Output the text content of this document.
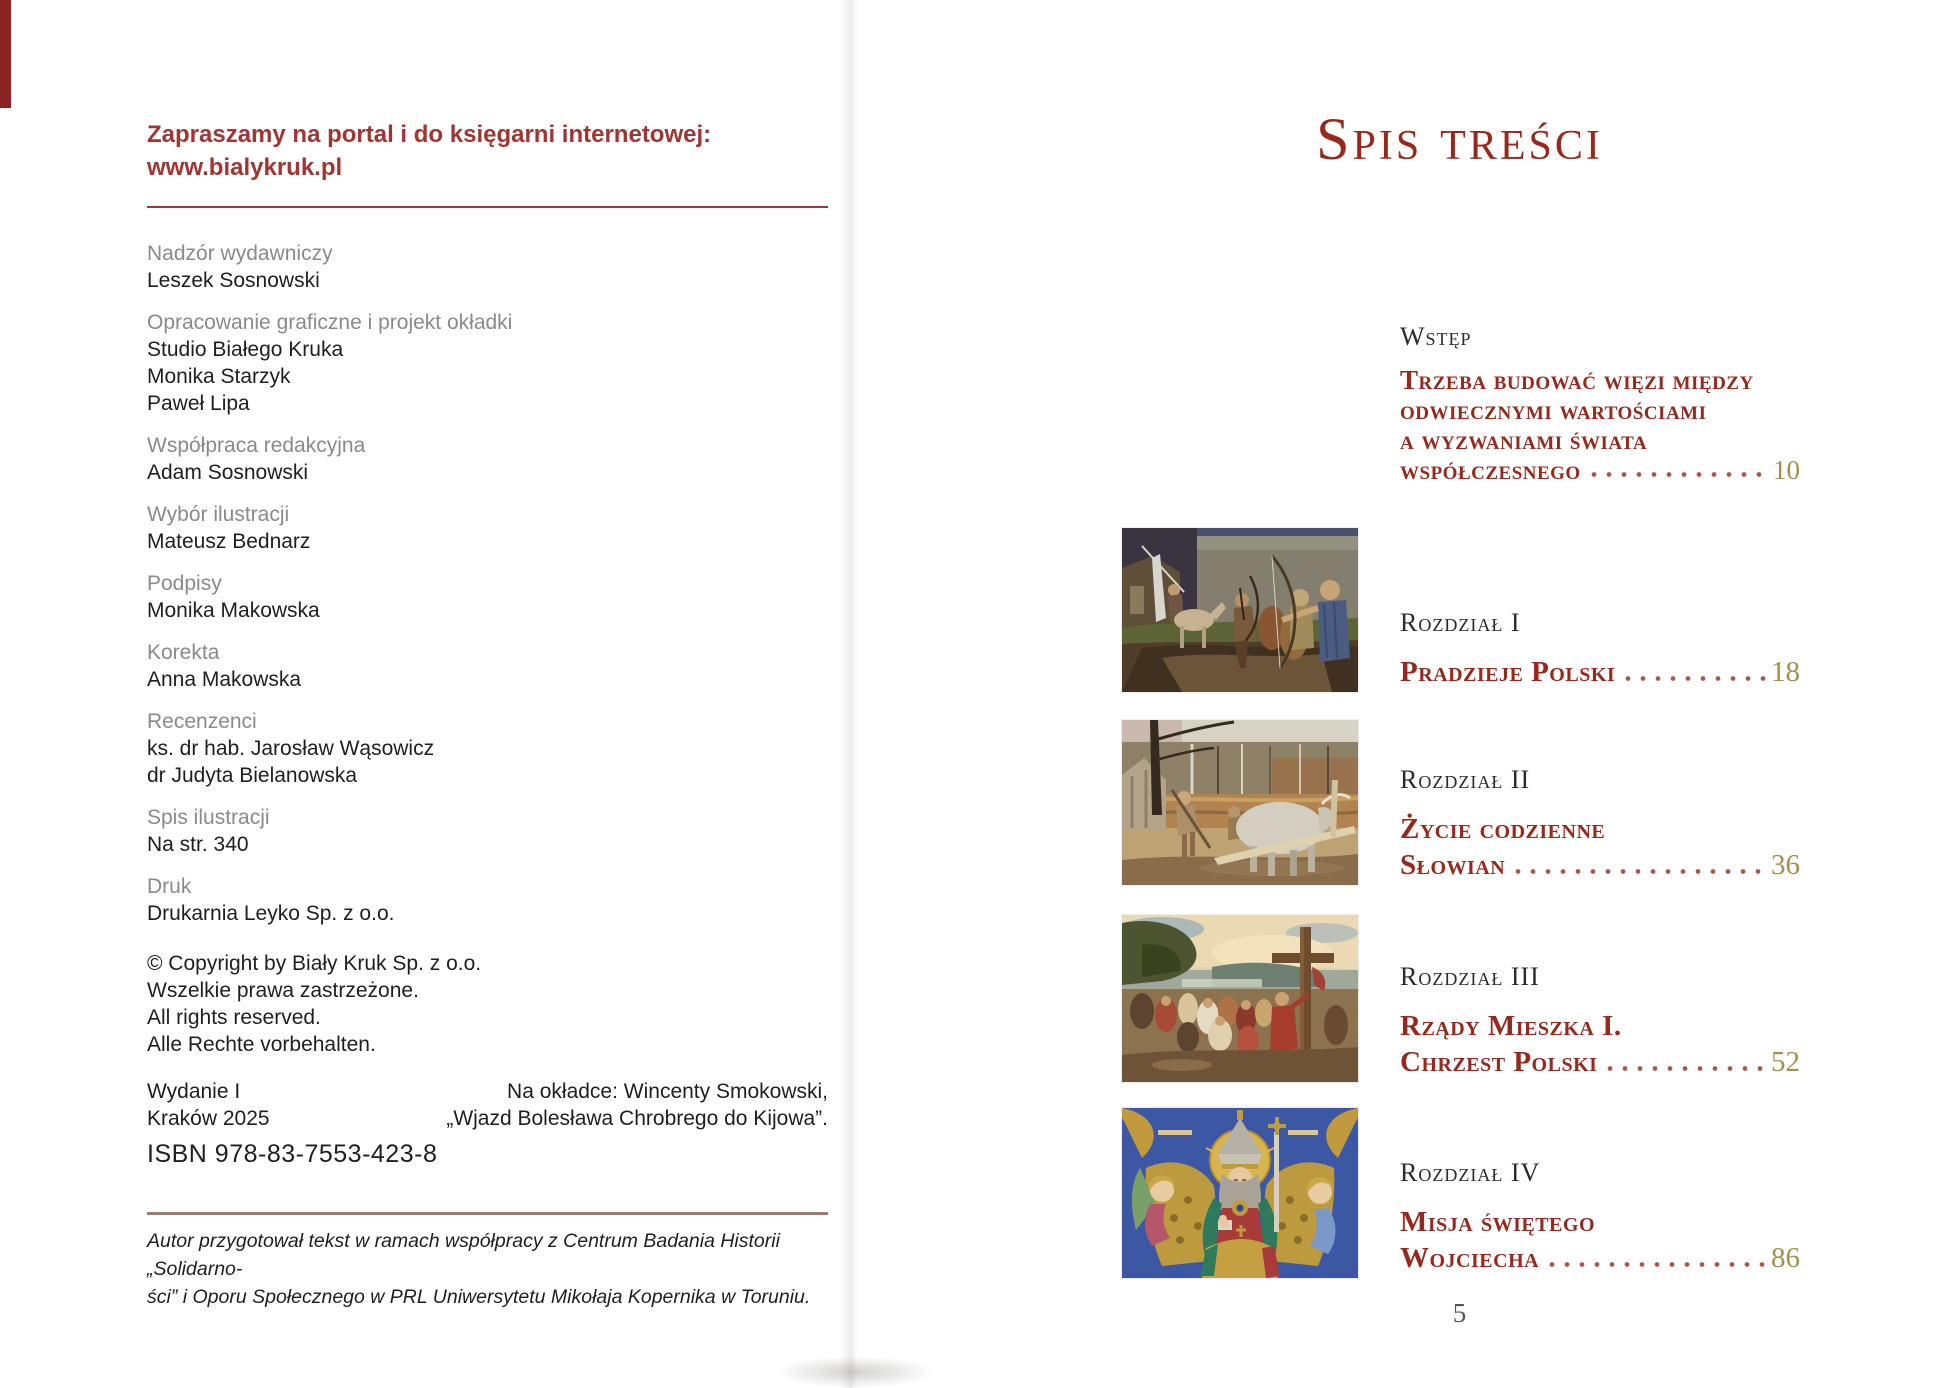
Zapraszamy na portal i do księgarni internetowej:
www.bialykruk.pl
Nadzór wydawniczy
Leszek Sosnowski
Opracowanie graficzne i projekt okładki
Studio Białego Kruka
Monika Starzyk
Paweł Lipa
Współpraca redakcyjna
Adam Sosnowski
Wybór ilustracji
Mateusz Bednarz
Podpisy
Monika Makowska
Korekta
Anna Makowska
Recenzenci
ks. dr hab. Jarosław Wąsowicz
dr Judyta Bielanowska
Spis ilustracji
Na str. 340
Druk
Drukarnia Leyko Sp. z o.o.
© Copyright by Biały Kruk Sp. z o.o.
Wszelkie prawa zastrzeżone.
All rights reserved.
Alle Rechte vorbehalten.
Wydanie I
Kraków 2025
Na okładce: Wincenty Smokowski,
„Wjazd Bolesława Chrobrego do Kijowa”.
ISBN 978-83-7553-423-8
Autor przygotował tekst w ramach współpracy z Centrum Badania Historii „Solidarno-
ści” i Oporu Społecznego w PRL Uniwersytetu Mikołaja Kopernika w Toruniu.
Spis treści
Wstęp
Trzeba budować więzi między
odwiecznymi wartościami
a wyzwaniami świata
współczesnego	10
Rozdział I
Pradzieje Polski	18
Rozdział II
Życie codzienne
Słowian	36
Rozdział III
Rządy Mieszka I.
Chrzest Polski	52
Rozdział IV
Misja świętego
Wojciecha	86
5
